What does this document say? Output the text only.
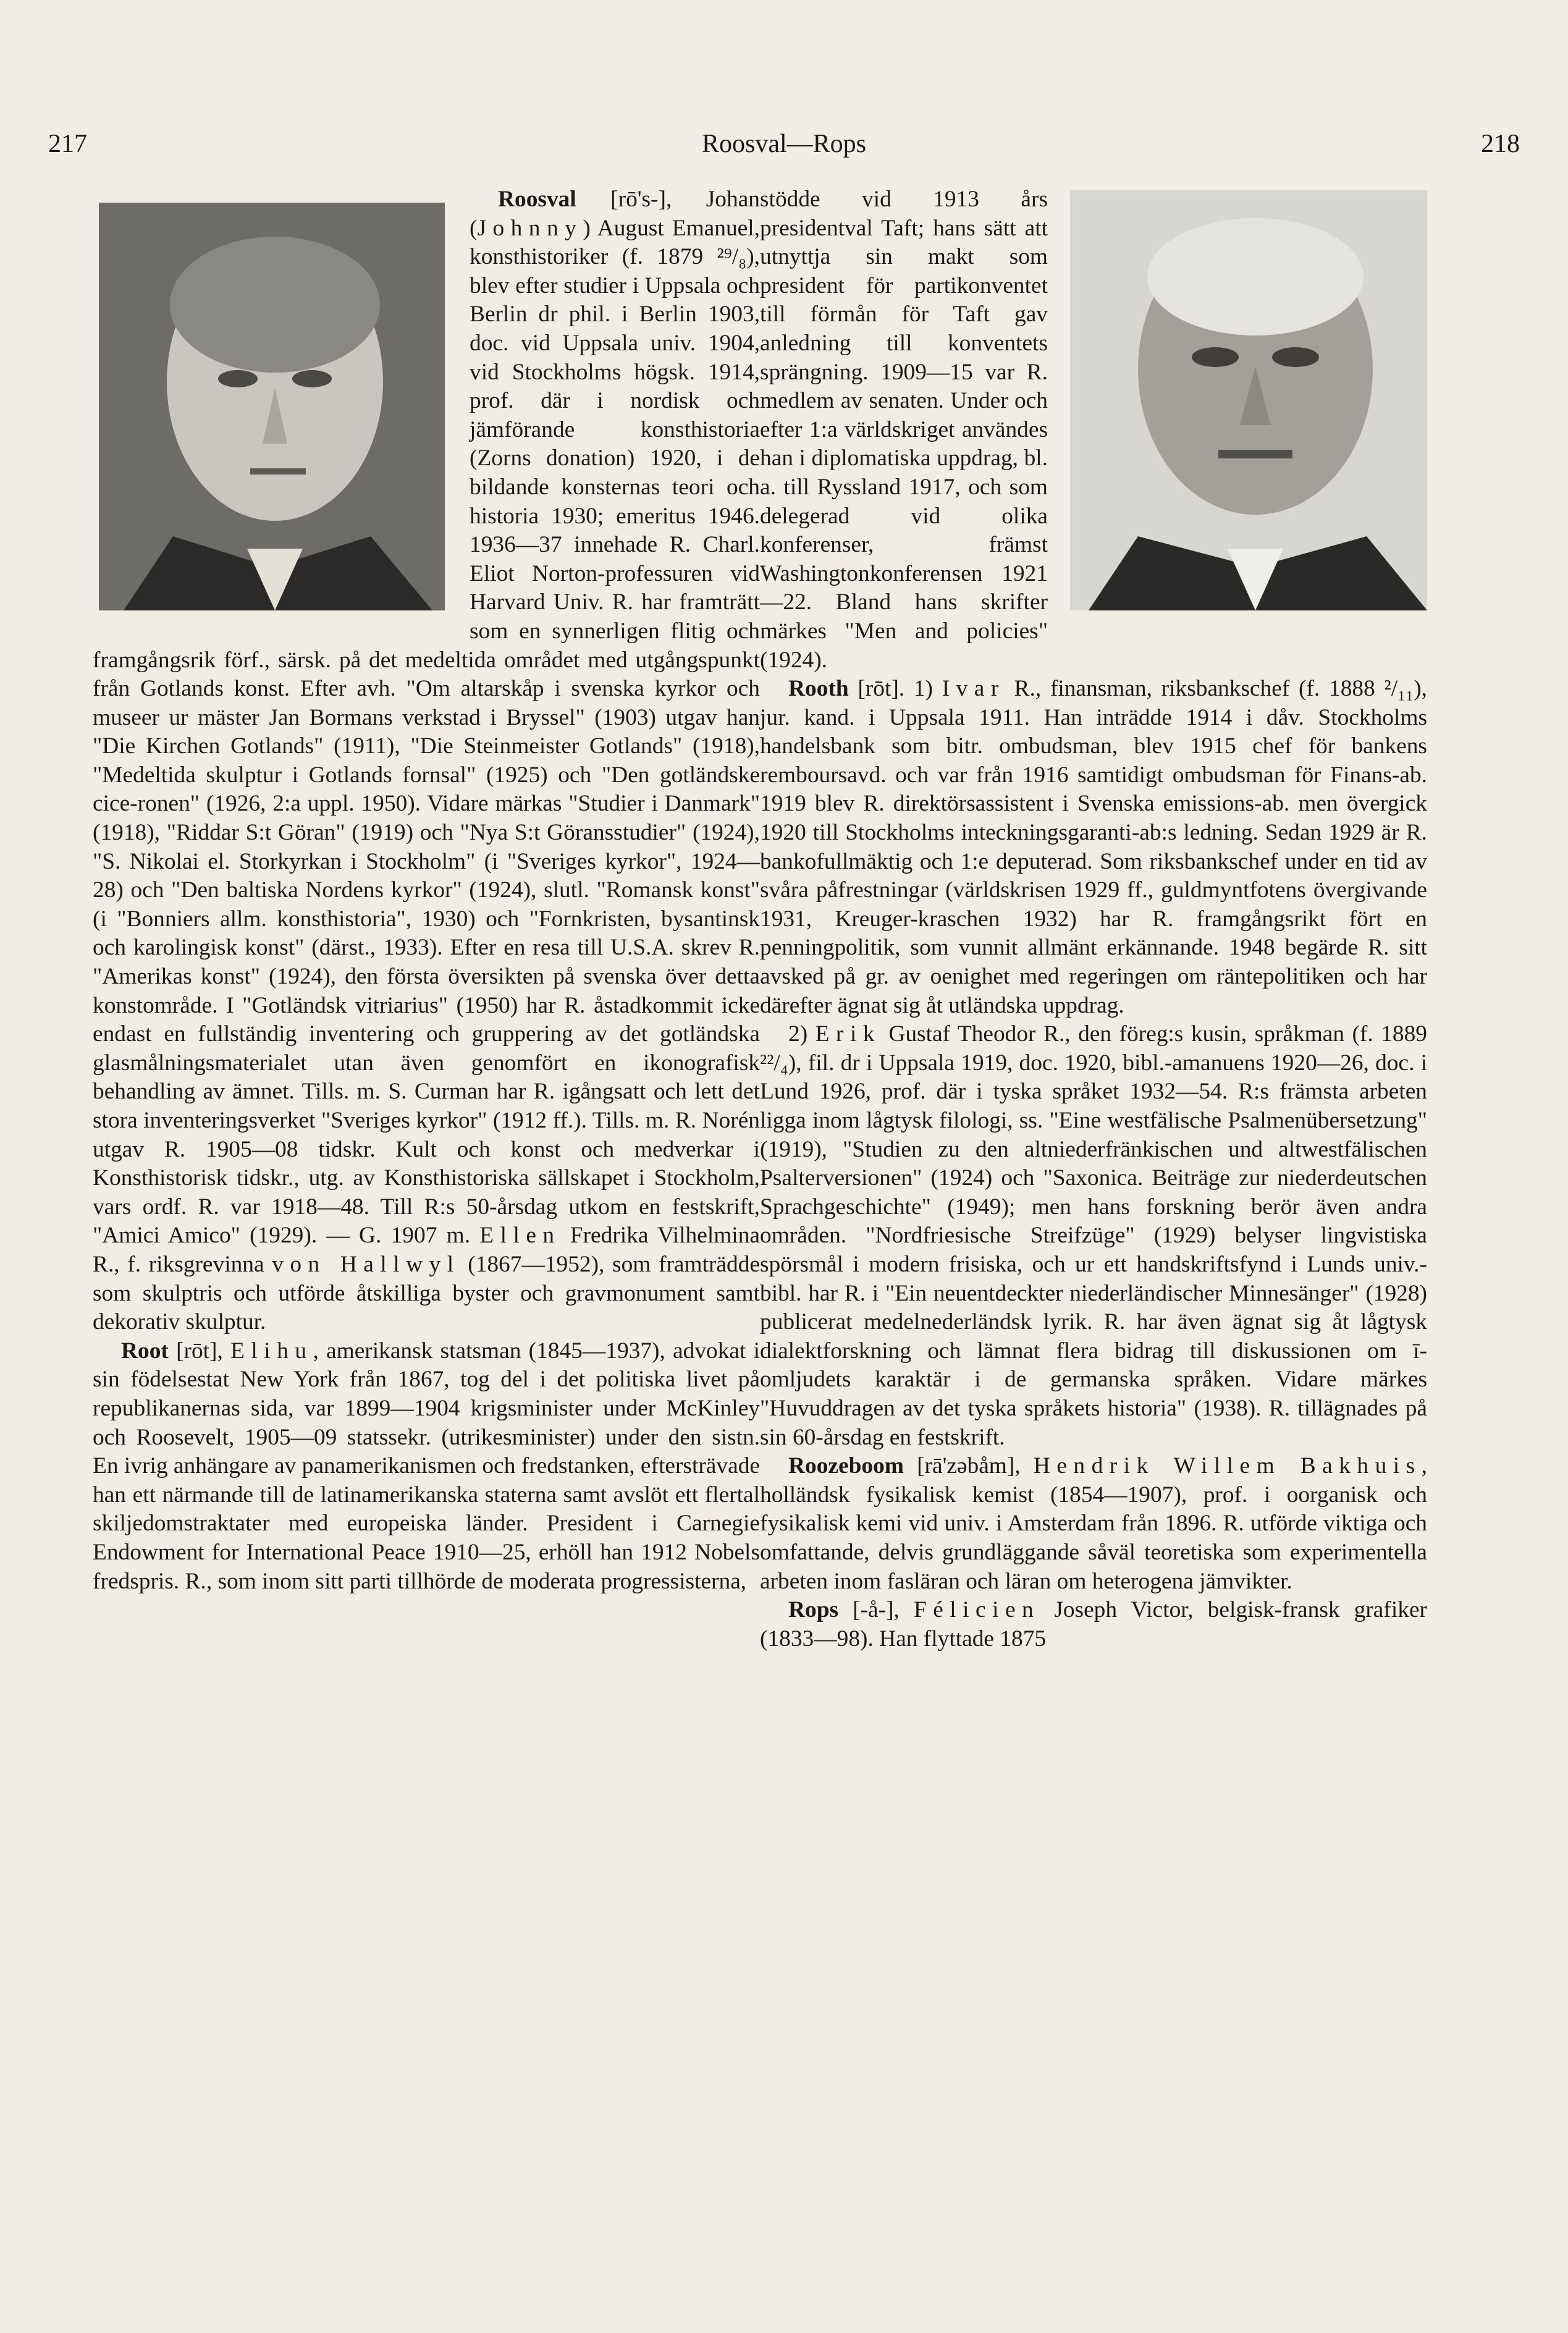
217	Roosval—Rops	218

Roosval [rō's-], Johan (Johnny) August Emanuel, konsthistoriker (f. 1879 ²⁹/₈), blev efter studier i Uppsala och Berlin dr phil. i Berlin 1903, doc. vid Uppsala univ. 1904, vid Stockholms högsk. 1914, prof. där i nordisk och jämförande konsthistoria (Zorns donation) 1920, i de bildande konsternas teori och historia 1930; emeritus 1946. 1936—37 innehade R. Charl. Eliot Norton-professuren vid Harvard Univ. R. har framträtt som en synnerligen flitig och framgångsrik förf., särsk. på det medeltida området med utgångspunkt från Gotlands konst. Efter avh. "Om altarskåp i svenska kyrkor och museer ur mäster Jan Bormans verkstad i Bryssel" (1903) utgav han "Die Kirchen Gotlands" (1911), "Die Steinmeister Gotlands" (1918), "Medeltida skulptur i Gotlands fornsal" (1925) och "Den gotländske cice-ronen" (1926, 2:a uppl. 1950). Vidare märkas "Studier i Danmark" (1918), "Riddar S:t Göran" (1919) och "Nya S:t Göransstudier" (1924), "S. Nikolai el. Storkyrkan i Stockholm" (i "Sveriges kyrkor", 1924—28) och "Den baltiska Nordens kyrkor" (1924), slutl. "Romansk konst" (i "Bonniers allm. konsthistoria", 1930) och "Fornkristen, bysantinsk och karolingisk konst" (därst., 1933). Efter en resa till U.S.A. skrev R. "Amerikas konst" (1924), den första översikten på svenska över detta konstområde. I "Gotländsk vitriarius" (1950) har R. åstadkommit icke endast en fullständig inventering och gruppering av det gotländska glasmålningsmaterialet utan även genomfört en ikonografisk behandling av ämnet. Tills. m. S. Curman har R. igångsatt och lett det stora inventeringsverket "Sveriges kyrkor" (1912 ff.). Tills. m. R. Norén utgav R. 1905—08 tidskr. Kult och konst och medverkar i Konsthistorisk tidskr., utg. av Konsthistoriska sällskapet i Stockholm, vars ordf. R. var 1918—48. Till R:s 50-årsdag utkom en festskrift, "Amici Amico" (1929). — G. 1907 m. Ellen Fredrika Vilhelmina R., f. riksgrevinna von Hallwyl (1867—1952), som framträdde som skulptris och utförde åtskilliga byster och gravmonument samt dekorativ skulptur.

Root [rōt], Elihu, amerikansk statsman (1845—1937), advokat i sin födelsestat New York från 1867, tog del i det politiska livet på republikanernas sida, var 1899—1904 krigsminister under McKinley och Roosevelt, 1905—09 statssekr. (utrikesminister) under den sistn. En ivrig anhängare av panamerikanismen och fredstanken, eftersträvade han ett närmande till de latinamerikanska staterna samt avslöt ett flertal skiljedomstraktater med europeiska länder. President i Carnegie Endowment for International Peace 1910—25, erhöll han 1912 Nobels fredspris. R., som inom sitt parti tillhörde de moderata progressisterna,

stödde vid 1913 års presidentval Taft; hans sätt att utnyttja sin makt som president för partikonventet till förmån för Taft gav anledning till konventets sprängning. 1909—15 var R. medlem av senaten. Under och efter 1:a världskriget användes han i diplomatiska uppdrag, bl. a. till Ryssland 1917, och som delegerad vid olika konferenser, främst Washingtonkonferensen 1921—22. Bland hans skrifter märkes "Men and policies" (1924).

Rooth [rōt]. 1) Ivar R., finansman, riksbankschef (f. 1888 ²/₁₁), jur. kand. i Uppsala 1911. Han inträdde 1914 i dåv. Stockholms handelsbank som bitr. ombudsman, blev 1915 chef för bankens remboursavd. och var från 1916 samtidigt ombudsman för Finans-ab. 1919 blev R. direktörsassistent i Svenska emissions-ab. men övergick 1920 till Stockholms inteckningsgaranti-ab:s ledning. Sedan 1929 är R. bankofullmäktig och 1:e deputerad. Som riksbankschef under en tid av svåra påfrestningar (världskrisen 1929 ff., guldmyntfotens övergivande 1931, Kreuger-kraschen 1932) har R. framgångsrikt fört en penningpolitik, som vunnit allmänt erkännande. 1948 begärde R. sitt avsked på gr. av oenighet med regeringen om räntepolitiken och har därefter ägnat sig åt utländska uppdrag.

2) Erik Gustaf Theodor R., den föreg:s kusin, språkman (f. 1889 ²²/₄), fil. dr i Uppsala 1919, doc. 1920, bibl.-amanuens 1920—26, doc. i Lund 1926, prof. där i tyska språket 1932—54. R:s främsta arbeten ligga inom lågtysk filologi, ss. "Eine westfälische Psalmenübersetzung" (1919), "Studien zu den altniederfränkischen und altwestfälischen Psalterversionen" (1924) och "Saxonica. Beiträge zur niederdeutschen Sprachgeschichte" (1949); men hans forskning berör även andra områden. "Nordfriesische Streifzüge" (1929) belyser lingvistiska spörsmål i modern frisiska, och ur ett handskriftsfynd i Lunds univ.-bibl. har R. i "Ein neuentdeckter niederländischer Minnesänger" (1928) publicerat medelnederländsk lyrik. R. har även ägnat sig åt lågtysk dialektforskning och lämnat flera bidrag till diskussionen om ī-omljudets karaktär i de germanska språken. Vidare märkes "Huvuddragen av det tyska språkets historia" (1938). R. tillägnades på sin 60-årsdag en festskrift.

Roozeboom [rā'zəbåm], Hendrik Willem Bakhuis, holländsk fysikalisk kemist (1854—1907), prof. i oorganisk och fysikalisk kemi vid univ. i Amsterdam från 1896. R. utförde viktiga och omfattande, delvis grundläggande såväl teoretiska som experimentella arbeten inom fasläran och läran om heterogena jämvikter.

Rops [-å-], Félicien Joseph Victor, belgisk-fransk grafiker (1833—98). Han flyttade 1875
